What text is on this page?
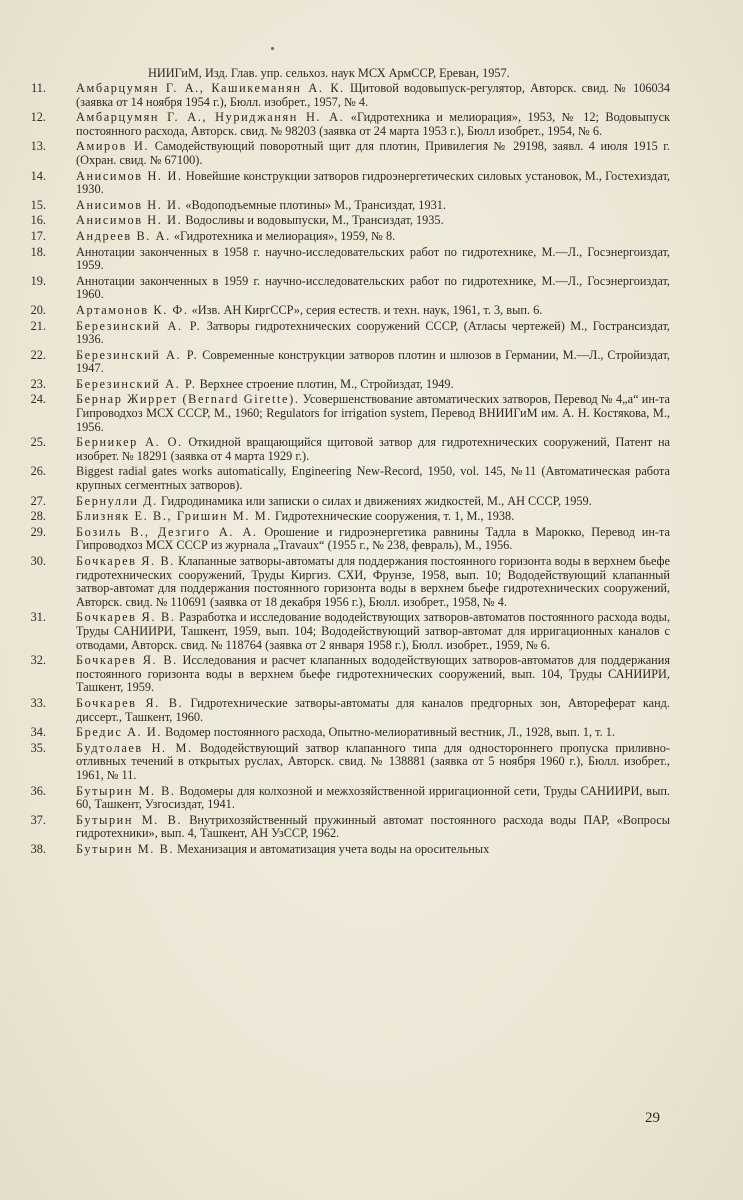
НИИГиМ, Изд. Глав. упр. сельхоз. наук МСХ АрмССР, Ереван, 1957.
11 .	Амбарцумян Г. А., Кашикеманян А. К. Щитовой водовыпуск-регулятор, Авторск. свид. № 106034 (заявка от 14 ноября 1954 г.), Бюлл. изобрет., 1957, № 4.
12 .	Амбарцумян Г. А., Нуриджанян Н. А. «Гидротехника и мелиорация», 1953, № 12; Водовыпуск постоянного расхода, Авторск. свид. № 98203 (заявка от 24 марта 1953 г.), Бюлл изобрет., 1954, № 6.
13 .	Амиров И. Самодействующий поворотный щит для плотин, Привилегия № 29198, заявл. 4 июля 1915 г. (Охран. свид. № 67100).
14 .	Анисимов Н. И. Новейшие конструкции затворов гидроэнергетических силовых установок, М., Гостехиздат, 1930.
15 .	Анисимов Н. И. «Водоподъемные плотины» М., Трансиздат, 1931.
16 .	Анисимов Н. И. Водосливы и водовыпуски, М., Трансиздат, 1935.
17 .	Андреев В. А. «Гидротехника и мелиорация», 1959, № 8.
18 .	Аннотации законченных в 1958 г. научно-исследовательских работ по гидротехнике, М.—Л., Госэнергоиздат, 1959.
19 .	Аннотации законченных в 1959 г. научно-исследовательских работ по гидротехнике, М.—Л., Госэнергоиздат, 1960.
20 .	Артамонов К. Ф. «Изв. АН КиргССР», серия естеств. и техн. наук, 1961, т. 3, вып. 6.
21 .	Березинский А. Р. Затворы гидротехнических сооружений СССР, (Атласы чертежей) М., Гострансиздат, 1936.
22 .	Березинский А. Р. Современные конструкции затворов плотин и шлюзов в Германии, М.—Л., Стройиздат, 1947.
23 .	Березинский А. Р. Верхнее строение плотин, М., Стройиздат, 1949.
24 .	Бернар Жиррет (Bernard Girette). Усовершенствование автоматических затворов, Перевод № 4„а“ ин-та Гипроводхоз МСХ СССР, М., 1960; Regulators for irrigation system, Перевод ВНИИГиМ им. А. Н. Костякова, М., 1956.
25 .	Берникер А. О. Откидной вращающийся щитовой затвор для гидротехнических сооружений, Патент на изобрет. № 18291 (заявка от 4 марта 1929 г.).
26 .	Biggest radial gates works automatically, Engineering New-Record, 1950, vol. 145, №11 (Автоматическая работа крупных сегментных затворов).
27 .	Бернулли Д. Гидродинамика или записки о силах и движениях жидкостей, М., АН СССР, 1959.
28 .	Близняк Е. В., Гришин М. М. Гидротехнические сооружения, т. 1, М., 1938.
29 .	Бозиль В., Дезгиго А. А. Орошение и гидроэнергетика равнины Тадла в Марокко, Перевод ин-та Гипроводхоз МСХ СССР из журнала „Travaux“ (1955 г., № 238, февраль), М., 1956.
30 .	Бочкарев Я. В. Клапанные затворы-автоматы для поддержания постоянного горизонта воды в верхнем бьефе гидротехнических сооружений, Труды Киргиз. СХИ, Фрунзе, 1958, вып. 10; Вододействующий клапанный затвор-автомат для поддержания постоянного горизонта воды в верхнем бьефе гидротехнических сооружений, Авторск. свид. № 110691 (заявка от 18 декабря 1956 г.), Бюлл. изобрет., 1958, № 4.
31 .	Бочкарев Я. В. Разработка и исследование вододействующих затворов-автоматов постоянного расхода воды, Труды САНИИРИ, Ташкент, 1959, вып. 104; Вододействующий затвор-автомат для ирригационных каналов с отводами, Авторск. свид. № 118764 (заявка от 2 января 1958 г.), Бюлл. изобрет., 1959, № 6.
32 .	Бочкарев Я. В. Исследования и расчет клапанных вододействующих затворов-автоматов для поддержания постоянного горизонта воды в верхнем бьефе гидротехнических сооружений, вып. 104, Труды САНИИРИ, Ташкент, 1959.
33 .	Бочкарев Я. В. Гидротехнические затворы-автоматы для каналов предгорных зон, Автореферат канд. диссерт., Ташкент, 1960.
34 .	Бредис А. И. Водомер постоянного расхода, Опытно-мелиоративный вестник, Л., 1928, вып. 1, т. 1.
35 .	Будтолаев Н. М. Вододействующий затвор клапанного типа для одностороннего пропуска приливно-отливных течений в открытых руслах, Авторск. свид. № 138881 (заявка от 5 ноября 1960 г.), Бюлл. изобрет., 1961, № 11.
36 .	Бутырин М. В. Водомеры для колхозной и межхозяйственной ирригационной сети, Труды САНИИРИ, вып. 60, Ташкент, Узгосиздат, 1941.
37 .	Бутырин М. В. Внутрихозяйственный пружинный автомат постоянного расхода воды ПАР, «Вопросы гидротехники», вып. 4, Ташкент, АН УзССР, 1962.
38 .	Бутырин М. В. Механизация и автоматизация учета воды на оросительных
29
